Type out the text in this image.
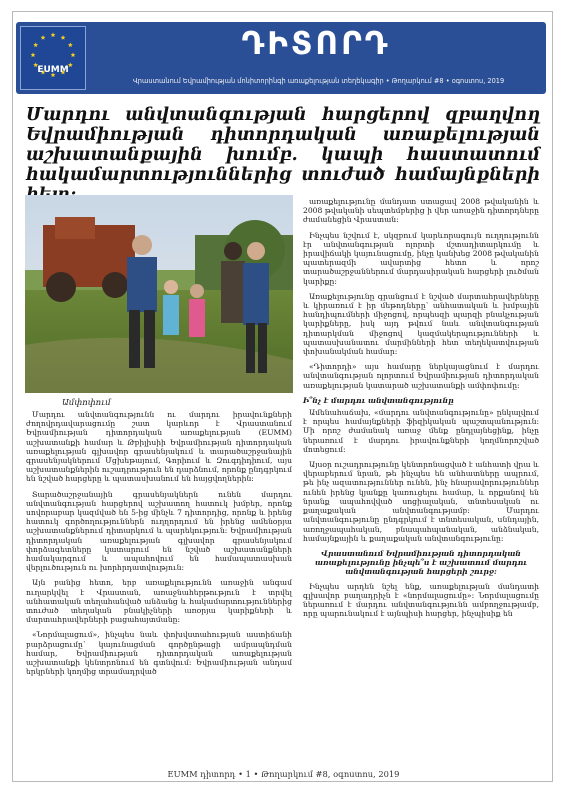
EUMM
ԴԻՏՈՐԴ
Վրաստանում Եվրամիության մոնիտորինգի առաքելության տեղեկագիր • Թողարկում #8 • օգոստոս, 2019
Մարդու անվտանգության հարցերով զբաղվող Եվրամիության դիտորդական առաքելության աշխատանքային խումբ. կապի հաստատում հակամարտություններից տուժած համայնքների
Ամփոփում

Մարդու անվտանգությունն ու մարդու իրավունքների ժողովրդավարացումը շատ կարևոր է Վրաստանում Եվրամիության դիտորդական առաքելության (EUMM) աշխատանքի համար և Թբիլիսիի Եվրամիության դիտորդական առաքելության գլխավոր գրասենյակում և տարածաշրջանային գրասենյակներում Մցխեթայում, Գորիում և Զուգդիդիում, այս աշխատանքներին ուշադրություն են դարձնում, որոնք ընդգրկում են նշված հարցերը և պատասխանում են հայցվողներին:

Տարածաշրջանային գրասենյակներն ունեն մարդու անվտանգության հարցերով աշխատող հատուկ խմբեր, որոնք սովորաբար կազմված են 5-ից մինչև 7 դիտորդից, որոնք և իրենց հատուկ գործողություններն ուղղորդում են իրենց ամենօրյա աշխատանքներում դիտարկում և պարեկություն: Եվրամիության դիտորդական առաքելության գլխավոր գրասենյակում փորձագետները կատարում են նշված աշխատանքների համակարգում և ապահովում են համապատասխան վերլուծություն ու խորհրդատվություն:

Այն բանից հետո, երբ առաքելությունն առաջին անգամ ուղարկվել է Վրաստան, առաջնահերթություն է տրվել անհատական տեղահանված անձանց և հակամարտություններից տուժած տեղական բնակիչների առօրյա կարիքների և մարտահրավերների բացահայտմանը:

«Նորմալացում», ինչպես նաև փոխվստահության աստիճանի բարձրացումը՝ կայունացման գործընթացի ամրապնդման համար, Եվրամիության դիտորդական առաքելության աշխատանքի կենտրոնում են գտնվում: Եվրամիության անդամ երկրների կողմից տրամադրված

առաքելությունը մանդատ ստացավ 2008 թվականին և 2008 թվականի սեպտեմբերից ի վեր առաջին դիտորդները ժամանեցին Վրաստան:

Ինչպես նշվում է, սկզբում կարևորագույն ուղղությունն էր անվտանգության ոլորտի մշտադիտարկումը և իրավիճակի կայունացումը, ինչը կանխեց 2008 թվականին պատերազմի ավարտից հետո և որոշ տարածաշրջաններում մարդասիրական հարցերի լուծման կարիքը:

Առաքելությունը գրանցում է նշված մարտահրավերները և կիրառում է իր մեթոդները՝ անհատական և խմբային հանդիպումների միջոցով, որպեսզի պարզի բնակչության կարիքները, իսկ այդ թվում նաև անվտանգության դիտարկման միջոցով կազմակերպությունների և պատասխանատու մարմինների հետ տեղեկատվության փոխանակման համար:

«Դիտորդի» այս համարը ներկայացնում է մարդու անվտանգության ոլորտում Եվրամիության դիտորդական առաքելության կատարած աշխատանքի ամփոփումը:

Ի՞նչ է մարդու անվտանգությունը

Ամենահաճախ, «մարդու անվտանգությունը» ընկալվում է որպես համայնքների ֆիզիկական պաշտպանություն: Մի որոշ ժամանակ առաջ մենք ընդլայնեցինք, ինչը ներառում է մարդու իրավունքների կողմնորոշված մոտեցում:

Այսօր ուշադրությունը կենտրոնացված է անհատի վրա և վերաբերում նրան, թե ինչպես են անհատները ապրում, թե ինչ ազատություններ ունեն, ինչ հնարավորություններ ունեն իրենց կյանքը կառուցելու համար, և որքանով են նրանք ապահովված սոցիալական, տնտեսական ու քաղաքական անվտանգությամբ: Մարդու անվտանգությունը ընդգրկում է տնտեսական, սննդային, առողջապահական, բնապահպանական, անձնական, համայնքային և քաղաքական անվտանգությունը:

Վրաստանում Եվրամիության դիտորդական առաքելությունը ինչպե՞ս է աշխատում մարդու անվտանգության հարցերի շուրջ:

Ինչպես արդեն նշել ենք, առաքելության մանդատի գլխավոր բաղադրիչն է «նորմալացումը»: Նորմալացումը ներառում է մարդու անվտանգությունն ամբողջությամբ, որը պարունակում է այնպիսի հարցեր, ինչպիսիք են

EUMM դիտորդ • 1 • Թողարկում #8, օգոստոս, 2019
